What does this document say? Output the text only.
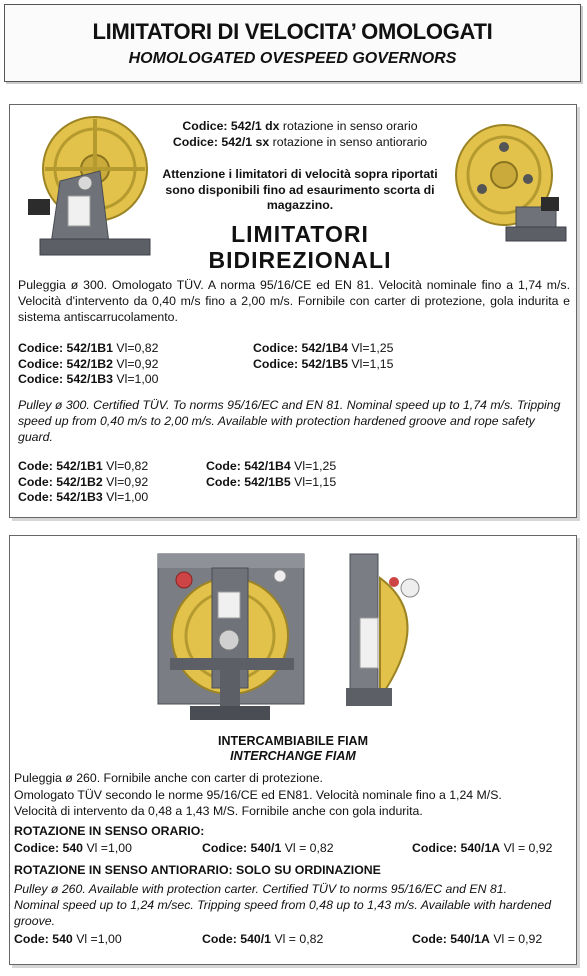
LIMITATORI DI VELOCITA’ OMOLOGATI
HOMOLOGATED OVESPEED GOVERNORS
Codice: 542/1 dx rotazione in senso orario
Codice: 542/1 sx rotazione in senso antiorario
Attenzione i limitatori di velocità sopra riportati sono disponibili fino ad esaurimento scorta di magazzino.
LIMITATORI
BIDIREZIONALI
Puleggia ø 300. Omologato TÜV. A norma 95/16/CE ed EN 81. Velocità nominale fino a 1,74 m/s. Velocità d'intervento da 0,40 m/s fino a 2,00 m/s. Fornibile con carter di protezione, gola indurita e sistema antiscarrucolamento.
Codice: 542/1B1 Vl=0,82	Codice: 542/1B4 Vl=1,25
Codice: 542/1B2 Vl=0,92	Codice: 542/1B5 Vl=1,15
Codice: 542/1B3 Vl=1,00
Pulley ø 300. Certified TÜV. To norms 95/16/EC and EN 81. Nominal speed up to 1,74 m/s. Tripping speed up from 0,40 m/s to 2,00 m/s. Available with protection hardened groove and rope safety guard.
Code: 542/1B1 Vl=0,82	Code: 542/1B4 Vl=1,25
Code: 542/1B2 Vl=0,92	Code: 542/1B5 Vl=1,15
Code: 542/1B3 Vl=1,00
INTERCAMBIABILE FIAM
INTERCHANGE FIAM
Puleggia ø 260. Fornibile anche con carter di protezione.
Omologato TÜV secondo le norme 95/16/CE ed EN81. Velocità nominale fino a 1,24 M/S.
Velocità di intervento da 0,48 a 1,43 M/S. Fornibile anche con gola indurita.
ROTAZIONE IN SENSO ORARIO:
Codice: 540 Vl =1,00	Codice: 540/1 Vl = 0,82	Codice: 540/1A Vl = 0,92
ROTAZIONE IN SENSO ANTIORARIO: SOLO SU ORDINAZIONE
Pulley ø 260. Available with protection carter. Certified TÜV to norms 95/16/EC and EN 81. Nominal speed up to 1,24 m/sec. Tripping speed from 0,48 up to 1,43 m/s. Available with hardened groove.
Code: 540 Vl =1,00	Code: 540/1 Vl = 0,82	Code: 540/1A Vl = 0,92
